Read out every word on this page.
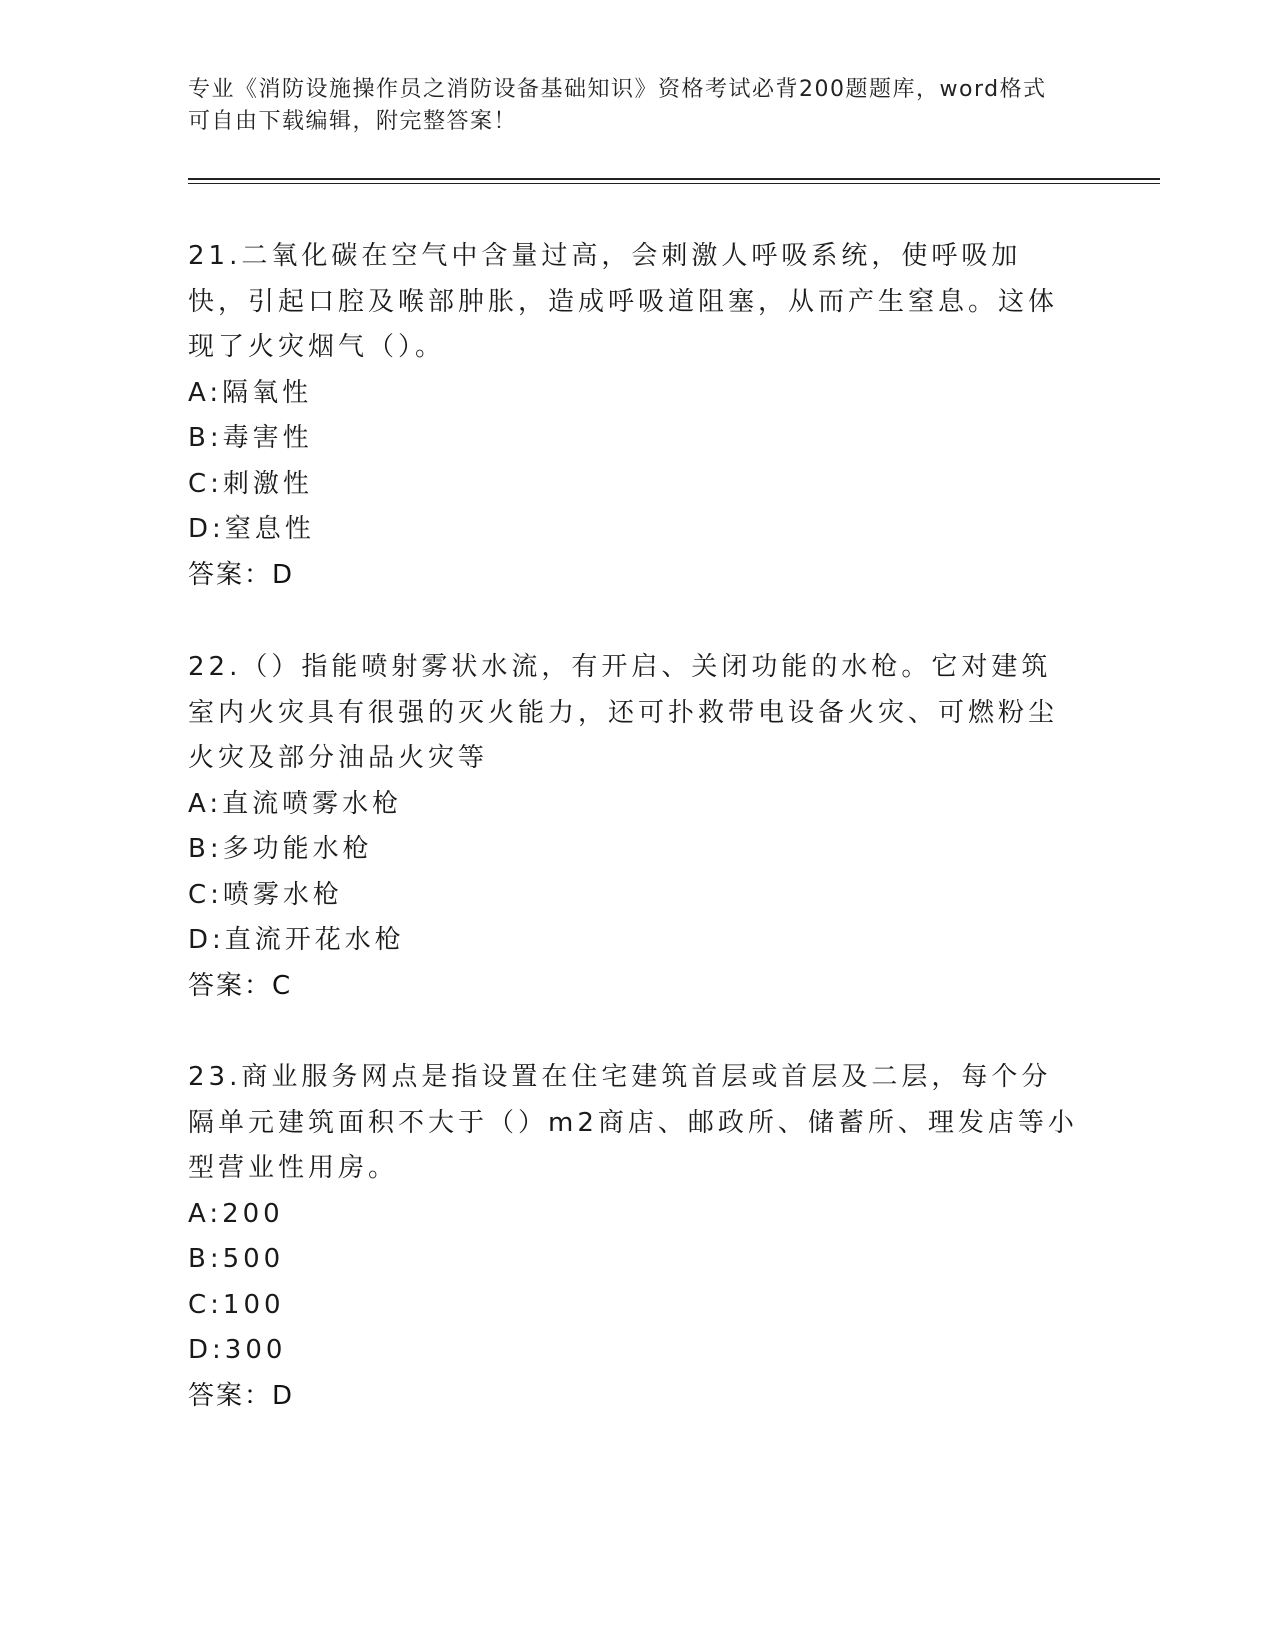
专业《消防设施操作员之消防设备基础知识》资格考试必背200题题库，word格式可自由下载编辑，附完整答案！

21.二氧化碳在空气中含量过高，会刺激人呼吸系统，使呼吸加快，引起口腔及喉部肿胀，造成呼吸道阻塞，从而产生窒息。这体现了火灾烟气（）。

A:隔氧性

B:毒害性

C:刺激性

D:窒息性

答案：D

22.（）指能喷射雾状水流，有开启、关闭功能的水枪。它对建筑室内火灾具有很强的灭火能力，还可扑救带电设备火灾、可燃粉尘火灾及部分油品火灾等

A:直流喷雾水枪

B:多功能水枪

C:喷雾水枪

D:直流开花水枪

答案：C

23.商业服务网点是指设置在住宅建筑首层或首层及二层，每个分隔单元建筑面积不大于（）m2商店、邮政所、储蓄所、理发店等小型营业性用房。

A:200

B:500

C:100

D:300

答案：D
